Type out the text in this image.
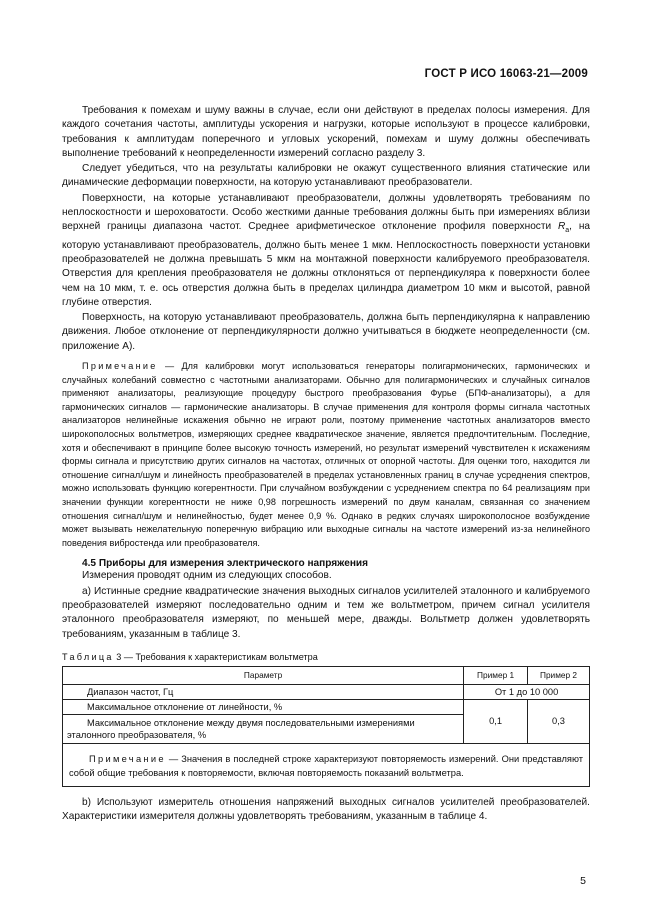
ГОСТ Р ИСО 16063-21—2009

Требования к помехам и шуму важны в случае, если они действуют в пределах полосы измерения. Для каждого сочетания частоты, амплитуды ускорения и нагрузки, которые используют в процессе калибровки, требования к амплитудам поперечного и угловых ускорений, помехам и шуму должны обеспечивать выполнение требований к неопределенности измерений согласно разделу 3.

Следует убедиться, что на результаты калибровки не окажут существенного влияния статические или динамические деформации поверхности, на которую устанавливают преобразователи.

Поверхности, на которые устанавливают преобразователи, должны удовлетворять требованиям по неплоскостности и шероховатости. Особо жесткими данные требования должны быть при измерениях вблизи верхней границы диапазона частот. Среднее арифметическое отклонение профиля поверхности $R_a$, на которую устанавливают преобразователь, должно быть менее 1 мкм. Неплоскостность поверхности установки преобразователей не должна превышать 5 мкм на монтажной поверхности калибруемого преобразователя. Отверстия для крепления преобразователя не должны отклоняться от перпендикуляра к поверхности более чем на 10 мкм, т. е. ось отверстия должна быть в пределах цилиндра диаметром 10 мкм и высотой, равной глубине отверстия.

Поверхность, на которую устанавливают преобразователь, должна быть перпендикулярна к направлению движения. Любое отклонение от перпендикулярности должно учитываться в бюджете неопределенности (см. приложение А).

Примечание — Для калибровки могут использоваться генераторы полигармонических, гармонических и случайных колебаний совместно с частотными анализаторами. Обычно для полигармонических и случайных сигналов применяют анализаторы, реализующие процедуру быстрого преобразования Фурье (БПФ-анализаторы), а для гармонических сигналов — гармонические анализаторы. В случае применения для контроля формы сигнала частотных анализаторов нелинейные искажения обычно не играют роли, поэтому применение частотных анализаторов вместо широкополосных вольтметров, измеряющих среднее квадратическое значение, является предпочтительным. Последние, хотя и обеспечивают в принципе более высокую точность измерений, но результат измерений чувствителен к искажениям формы сигнала и присутствию других сигналов на частотах, отличных от опорной частоты. Для оценки того, находится ли отношение сигнал/шум и линейность преобразователей в пределах установленных границ в случае усреднения спектров, можно использовать функцию когерентности. При случайном возбуждении с усреднением спектра по 64 реализациям при значении функции когерентности не ниже 0,98 погрешность измерений по двум каналам, связанная со значением отношения сигнал/шум и нелинейностью, будет менее 0,9 %. Однако в редких случаях широкополосное возбуждение может вызывать нежелательную поперечную вибрацию или выходные сигналы на частоте измерений из-за нелинейного поведения вибростенда или преобразователя.

4.5 Приборы для измерения электрического напряжения

Измерения проводят одним из следующих способов.

а) Истинные средние квадратические значения выходных сигналов усилителей эталонного и калибруемого преобразователей измеряют последовательно одним и тем же вольтметром, причем сигнал усилителя эталонного преобразователя измеряют, по меньшей мере, дважды. Вольтметр должен удовлетворять требованиям, указанным в таблице 3.

Таблица 3 — Требования к характеристикам вольтметра
Параметр	Пример 1	Пример 2
Диапазон частот, Гц	От 1 до 10 000	
Максимальное отклонение от линейности, %	0,1	0,3
Максимальное отклонение между двумя последовательными измерениями эталонного преобразователя, %		
Примечание — Значения в последней строке характеризуют повторяемость измерений. Они представляют собой общие требования к повторяемости, включая повторяемость показаний вольтметра.		

b) Используют измеритель отношения напряжений выходных сигналов усилителей преобразователей. Характеристики измерителя должны удовлетворять требованиям, указанным в таблице 4.

5
